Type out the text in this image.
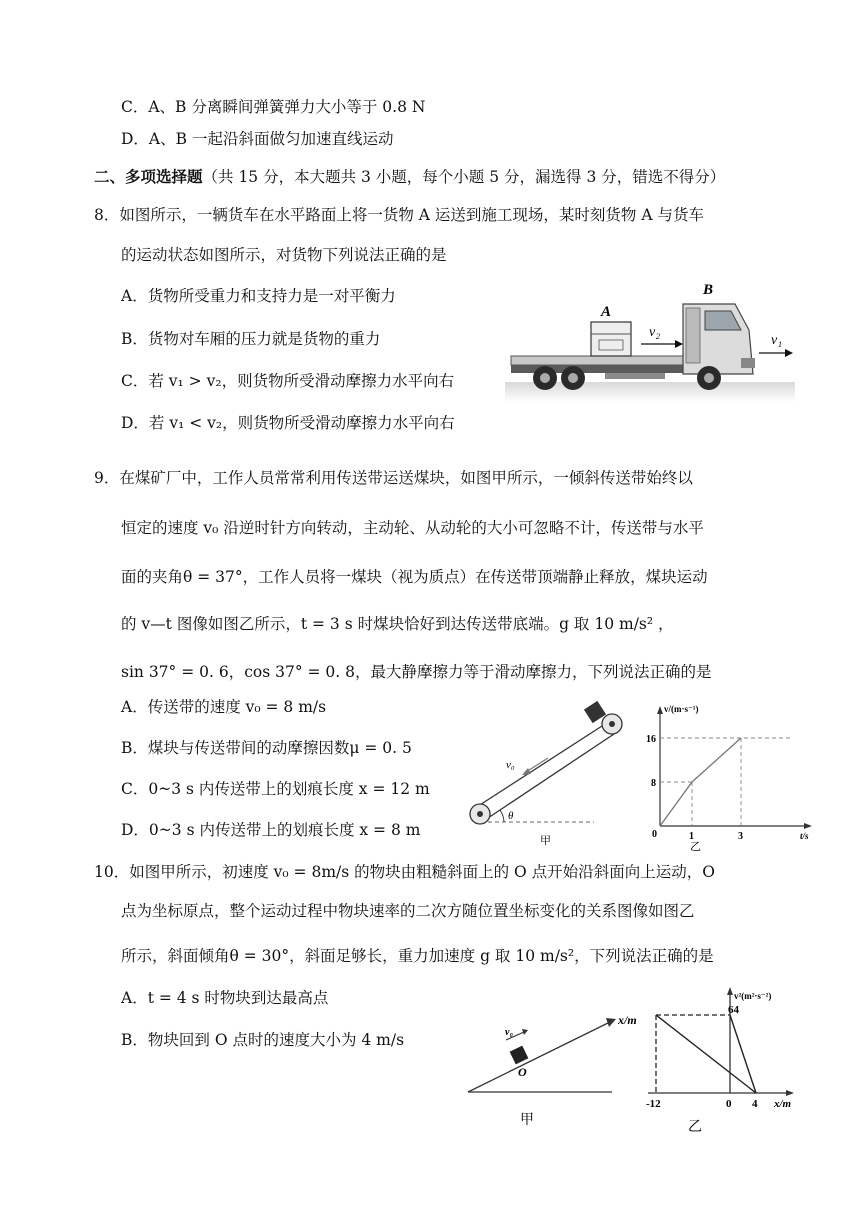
C．A、B 分离瞬间弹簧弹力大小等于 0.8 N
D．A、B 一起沿斜面做匀加速直线运动
二、多项选择题（共 15 分，本大题共 3 小题，每个小题 5 分，漏选得 3 分，错选不得分）
8．如图所示，一辆货车在水平路面上将一货物 A 运送到施工现场，某时刻货物 A 与货车
的运动状态如图所示，对货物下列说法正确的是
A．货物所受重力和支持力是一对平衡力
B．货物对车厢的压力就是货物的重力
C．若 v₁ > v₂，则货物所受滑动摩擦力水平向右
D．若 v₁ < v₂，则货物所受滑动摩擦力水平向右
A
B
v₂
v₁
9．在煤矿厂中，工作人员常常利用传送带运送煤块，如图甲所示，一倾斜传送带始终以
恒定的速度 v₀ 沿逆时针方向转动，主动轮、从动轮的大小可忽略不计，传送带与水平
面的夹角θ = 37°，工作人员将一煤块（视为质点）在传送带顶端静止释放，煤块运动
的 v—t 图像如图乙所示，t = 3 s 时煤块恰好到达传送带底端。g 取 10 m/s² ，
sin 37° = 0. 6，cos 37° = 0. 8，最大静摩擦力等于滑动摩擦力，下列说法正确的是
A．传送带的速度 v₀ = 8 m/s
B．煤块与传送带间的动摩擦因数μ = 0. 5
C．0~3 s 内传送带上的划痕长度 x = 12 m
D．0~3 s 内传送带上的划痕长度 x = 8 m
v₀
θ
甲
v/(m·s⁻¹)
t/s
0
16
8
1	3
乙
10．如图甲所示，初速度 v₀ = 8m/s 的物块由粗糙斜面上的 O 点开始沿斜面向上运动，O
点为坐标原点，整个运动过程中物块速率的二次方随位置坐标变化的关系图像如图乙
所示，斜面倾角θ = 30°，斜面足够长，重力加速度 g 取 10 m/s²，下列说法正确的是
A．t = 4 s 时物块到达最高点
B．物块回到 O 点时的速度大小为 4 m/s
x/m
v₀
O
甲
v²(m²·s⁻²)
x/m
64
-12	0 4
乙
